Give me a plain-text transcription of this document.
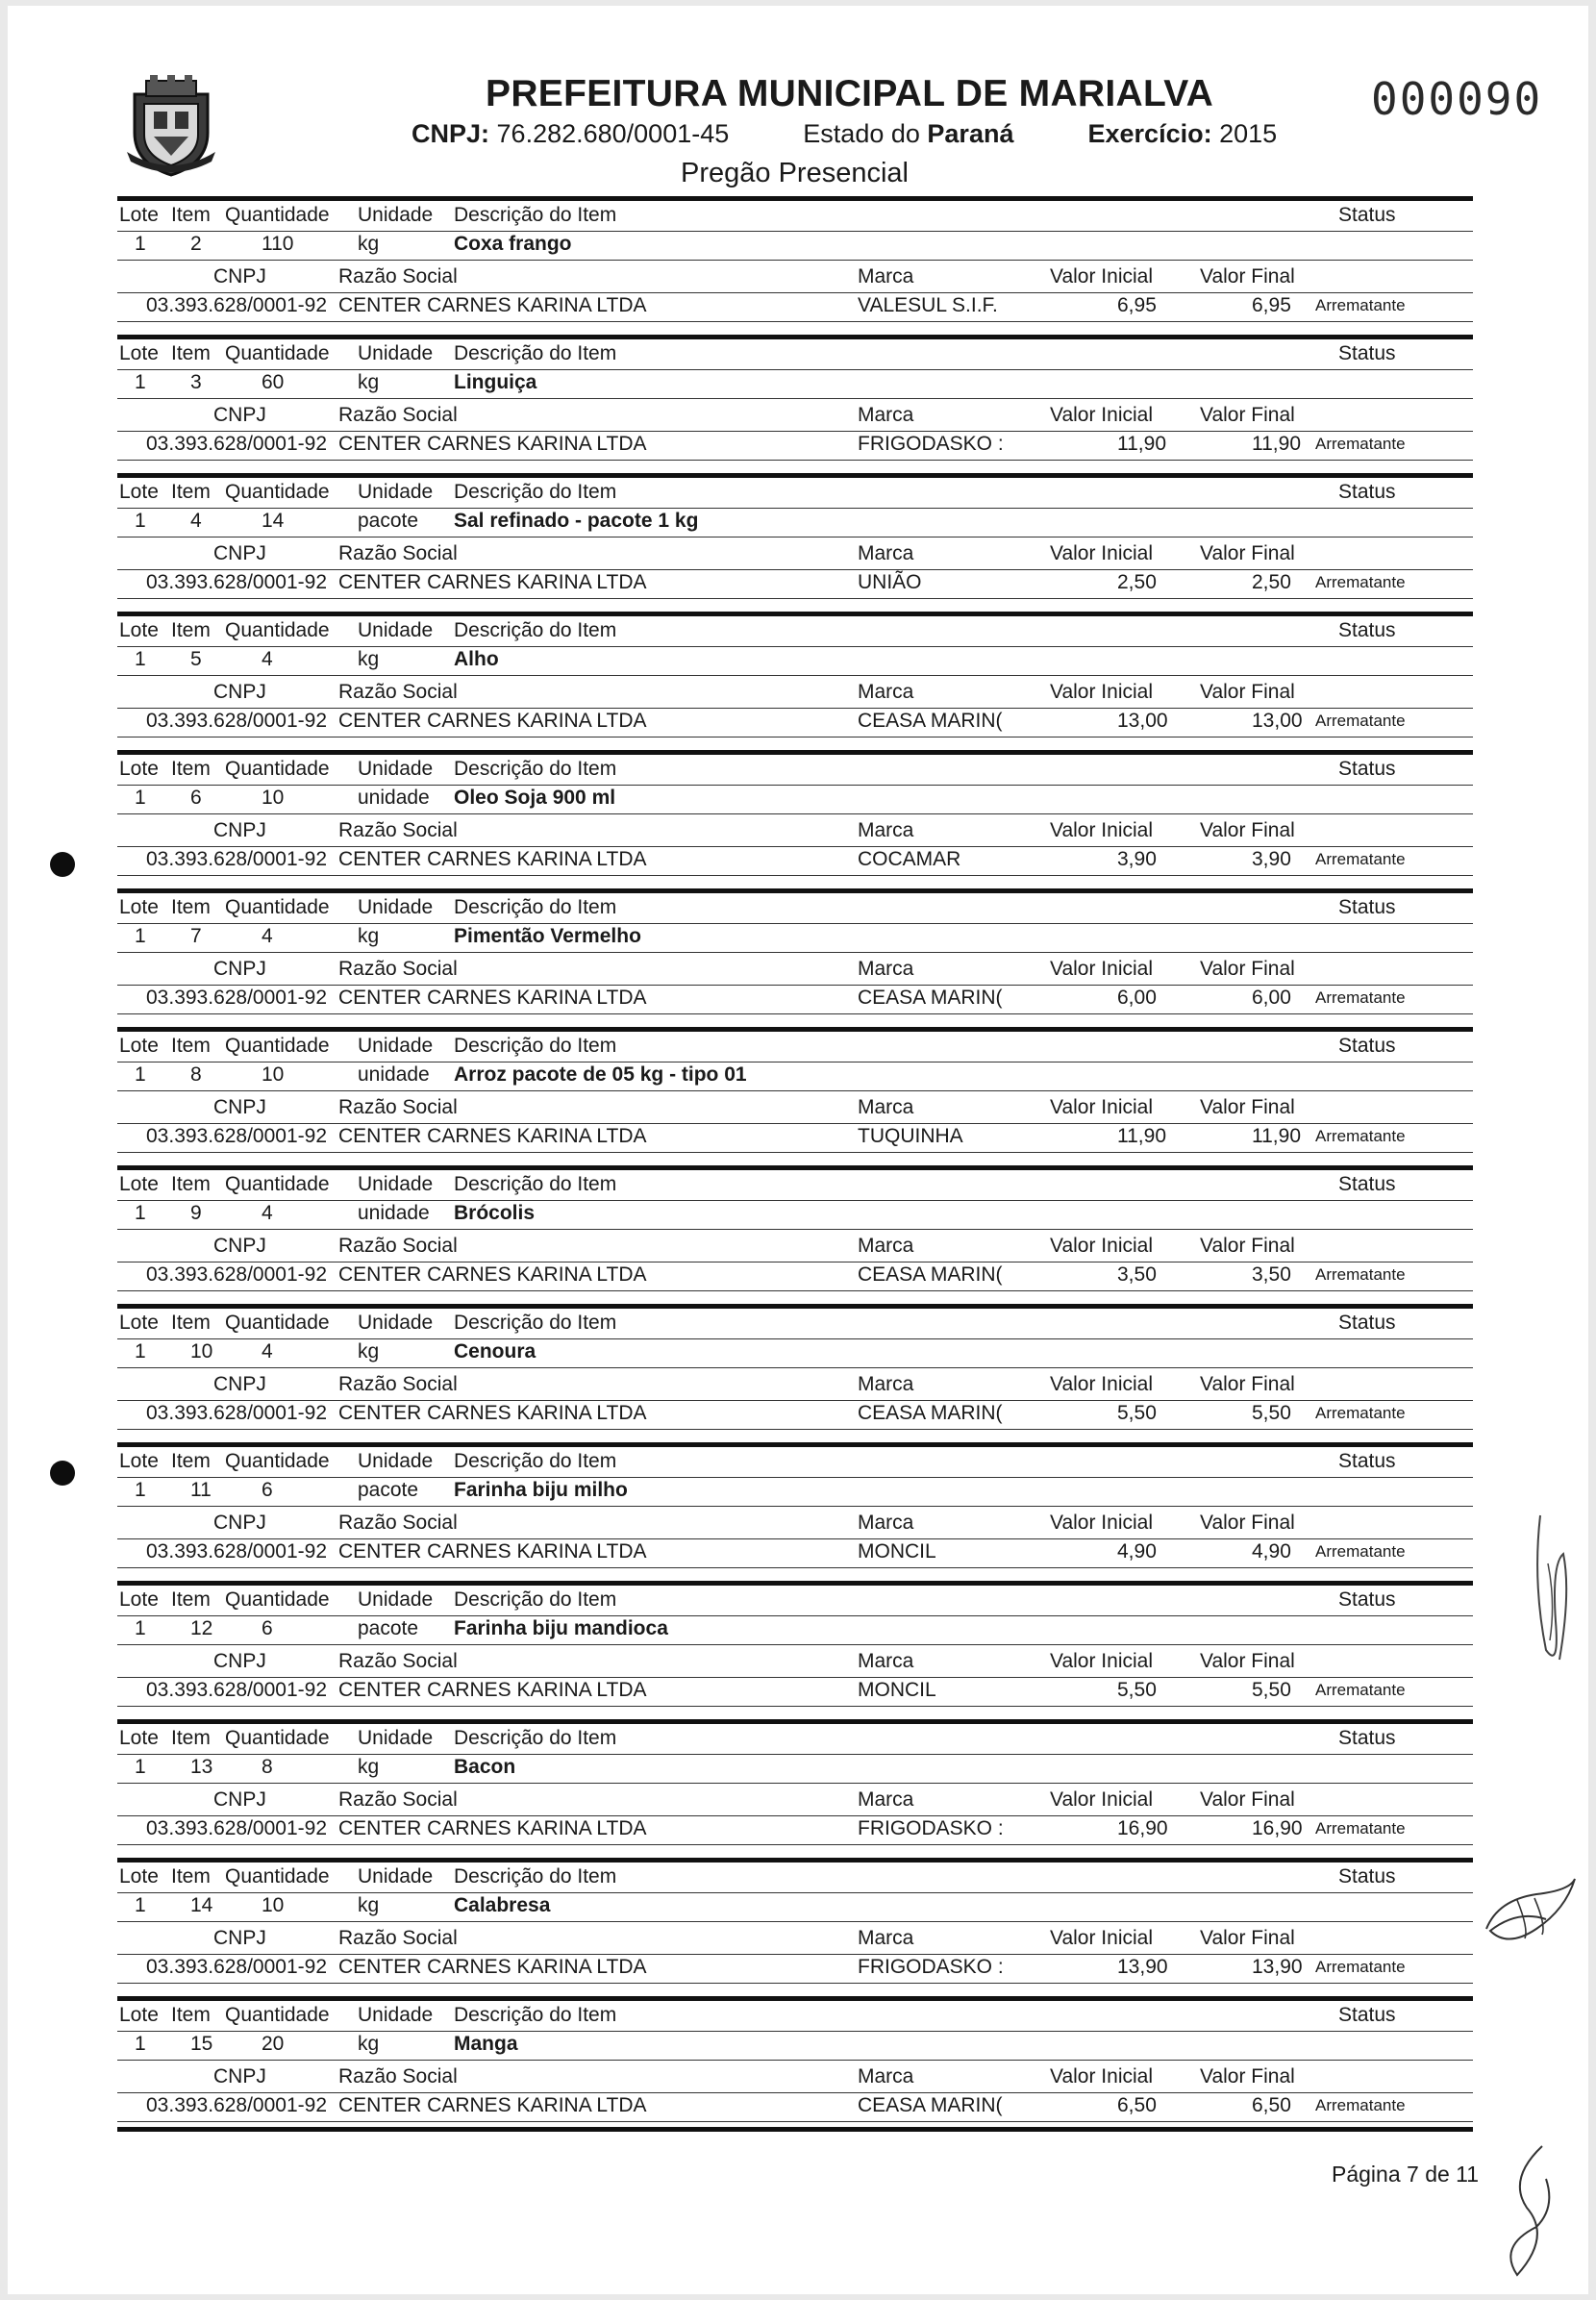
PREFEITURA MUNICIPAL DE MARIALVA
CNPJ: 76.282.680/0001-45	Estado do Paraná	Exercício: 2015
Pregão Presencial
000090
Lote Item Quantidade Unidade Descrição do Item	Status
1 2	110	kg	Coxa frango
CNPJ	Razão Social	Marca	Valor Inicial Valor Final
03.393.628/0001-92 CENTER CARNES KARINA LTDA	VALESUL S.I.F.	6,95	6,95 Arrematante
Lote Item Quantidade Unidade Descrição do Item	Status
1 3	60	kg	Linguiça
CNPJ	Razão Social	Marca	Valor Inicial Valor Final
03.393.628/0001-92 CENTER CARNES KARINA LTDA	FRIGODASKO :	11,90	11,90 Arrematante
Lote Item Quantidade Unidade Descrição do Item	Status
1 4	14	pacote Sal refinado - pacote 1 kg
CNPJ	Razão Social	Marca	Valor Inicial Valor Final
03.393.628/0001-92 CENTER CARNES KARINA LTDA	UNIÃO	2,50	2,50 Arrematante
Lote Item Quantidade Unidade Descrição do Item	Status
1 5	4	kg	Alho
CNPJ	Razão Social	Marca	Valor Inicial Valor Final
03.393.628/0001-92 CENTER CARNES KARINA LTDA	CEASA MARIN(	13,00	13,00 Arrematante
Lote Item Quantidade Unidade Descrição do Item	Status
1 6	10	unidade Oleo Soja 900 ml
CNPJ	Razão Social	Marca	Valor Inicial Valor Final
03.393.628/0001-92 CENTER CARNES KARINA LTDA	COCAMAR	3,90	3,90 Arrematante
Lote Item Quantidade Unidade Descrição do Item	Status
1 7	4	kg	Pimentão Vermelho
CNPJ	Razão Social	Marca	Valor Inicial Valor Final
03.393.628/0001-92 CENTER CARNES KARINA LTDA	CEASA MARIN(	6,00	6,00 Arrematante
Lote Item Quantidade Unidade Descrição do Item	Status
1 8	10	unidade Arroz pacote de 05 kg - tipo 01
CNPJ	Razão Social	Marca	Valor Inicial Valor Final
03.393.628/0001-92 CENTER CARNES KARINA LTDA	TUQUINHA	11,90	11,90 Arrematante
Lote Item Quantidade Unidade Descrição do Item	Status
1 9	4	unidade Brócolis
CNPJ	Razão Social	Marca	Valor Inicial Valor Final
03.393.628/0001-92 CENTER CARNES KARINA LTDA	CEASA MARIN(	3,50	3,50 Arrematante
Lote Item Quantidade Unidade Descrição do Item	Status
1 10 4	kg	Cenoura
CNPJ	Razão Social	Marca	Valor Inicial Valor Final
03.393.628/0001-92 CENTER CARNES KARINA LTDA	CEASA MARIN(	5,50	5,50 Arrematante
Lote Item Quantidade Unidade Descrição do Item	Status
1 11 6	pacote Farinha biju milho
CNPJ	Razão Social	Marca	Valor Inicial Valor Final
03.393.628/0001-92 CENTER CARNES KARINA LTDA	MONCIL	4,90	4,90 Arrematante
Lote Item Quantidade Unidade Descrição do Item	Status
1 12 6	pacote Farinha biju mandioca
CNPJ	Razão Social	Marca	Valor Inicial Valor Final
03.393.628/0001-92 CENTER CARNES KARINA LTDA	MONCIL	5,50	5,50 Arrematante
Lote Item Quantidade Unidade Descrição do Item	Status
1 13 8	kg	Bacon
CNPJ	Razão Social	Marca	Valor Inicial Valor Final
03.393.628/0001-92 CENTER CARNES KARINA LTDA	FRIGODASKO :	16,90	16,90 Arrematante
Lote Item Quantidade Unidade Descrição do Item	Status
1 14 10	kg	Calabresa
CNPJ	Razão Social	Marca	Valor Inicial Valor Final
03.393.628/0001-92 CENTER CARNES KARINA LTDA	FRIGODASKO :	13,90	13,90 Arrematante
Lote Item Quantidade Unidade Descrição do Item	Status
1 15 20	kg	Manga
CNPJ	Razão Social	Marca	Valor Inicial Valor Final
03.393.628/0001-92 CENTER CARNES KARINA LTDA	CEASA MARIN(	6,50	6,50 Arrematante
Página 7 de 11
